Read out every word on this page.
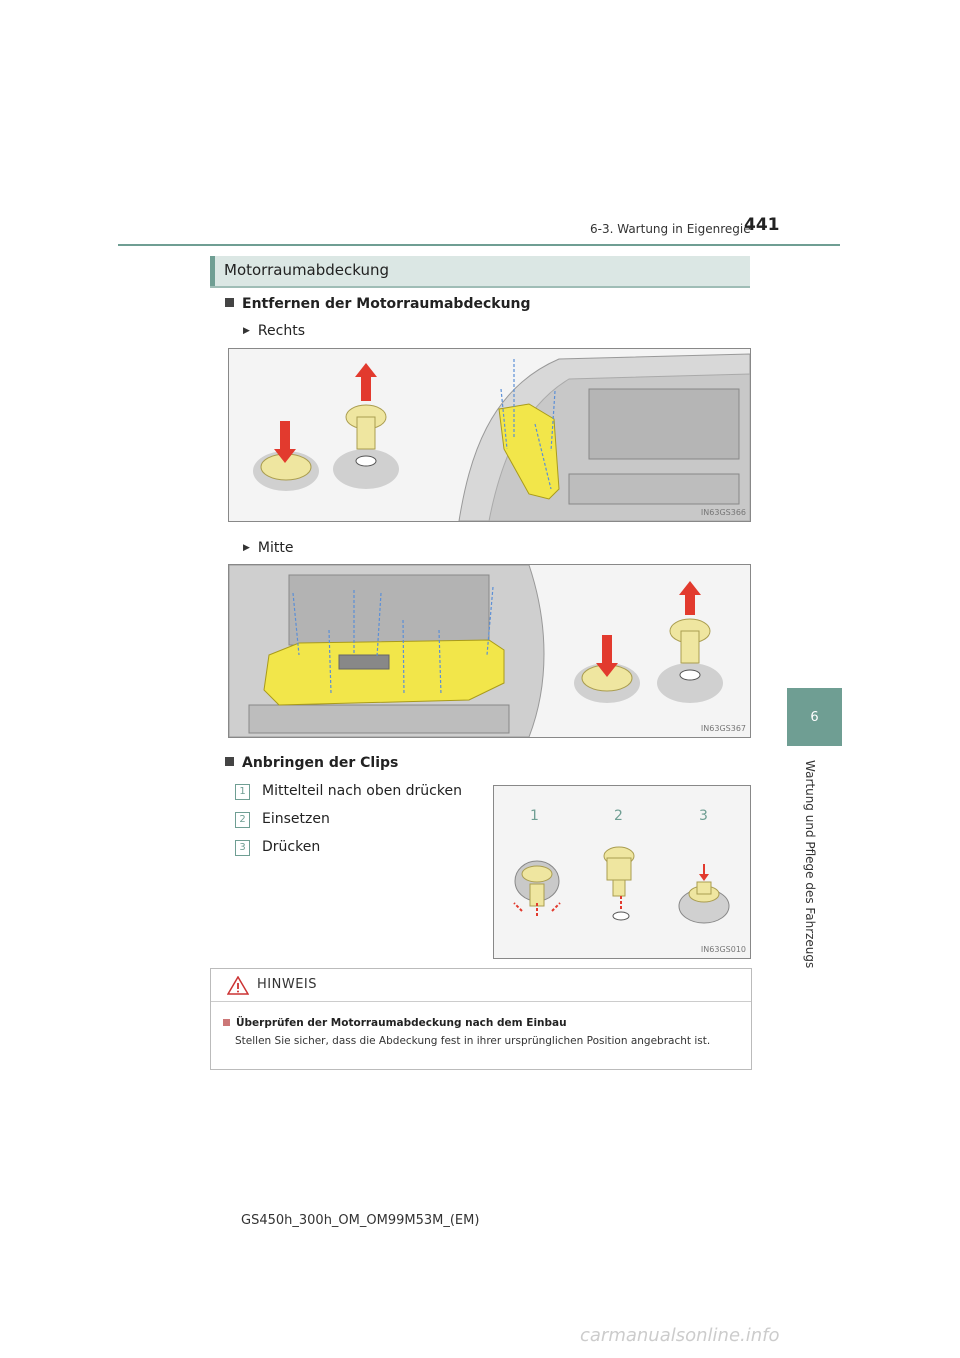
6-3. Wartung in Eigenregie
441
6
Wartung und Pflege des Fahrzeugs
Motorraumabdeckung
Entfernen der Motorraumabdeckung
▶ Rechts
IN63GS366
▶ Mitte
IN63GS367
Anbringen der Clips
1 Mittelteil nach oben drücken
2 Einsetzen
3 Drücken
1	2	3
IN63GS010
HINWEIS
Überprüfen der Motorraumabdeckung nach dem Einbau
Stellen Sie sicher, dass die Abdeckung fest in ihrer ursprünglichen Position angebracht ist.
GS450h_300h_OM_OM99M53M_(EM)
carmanualsonline.info
